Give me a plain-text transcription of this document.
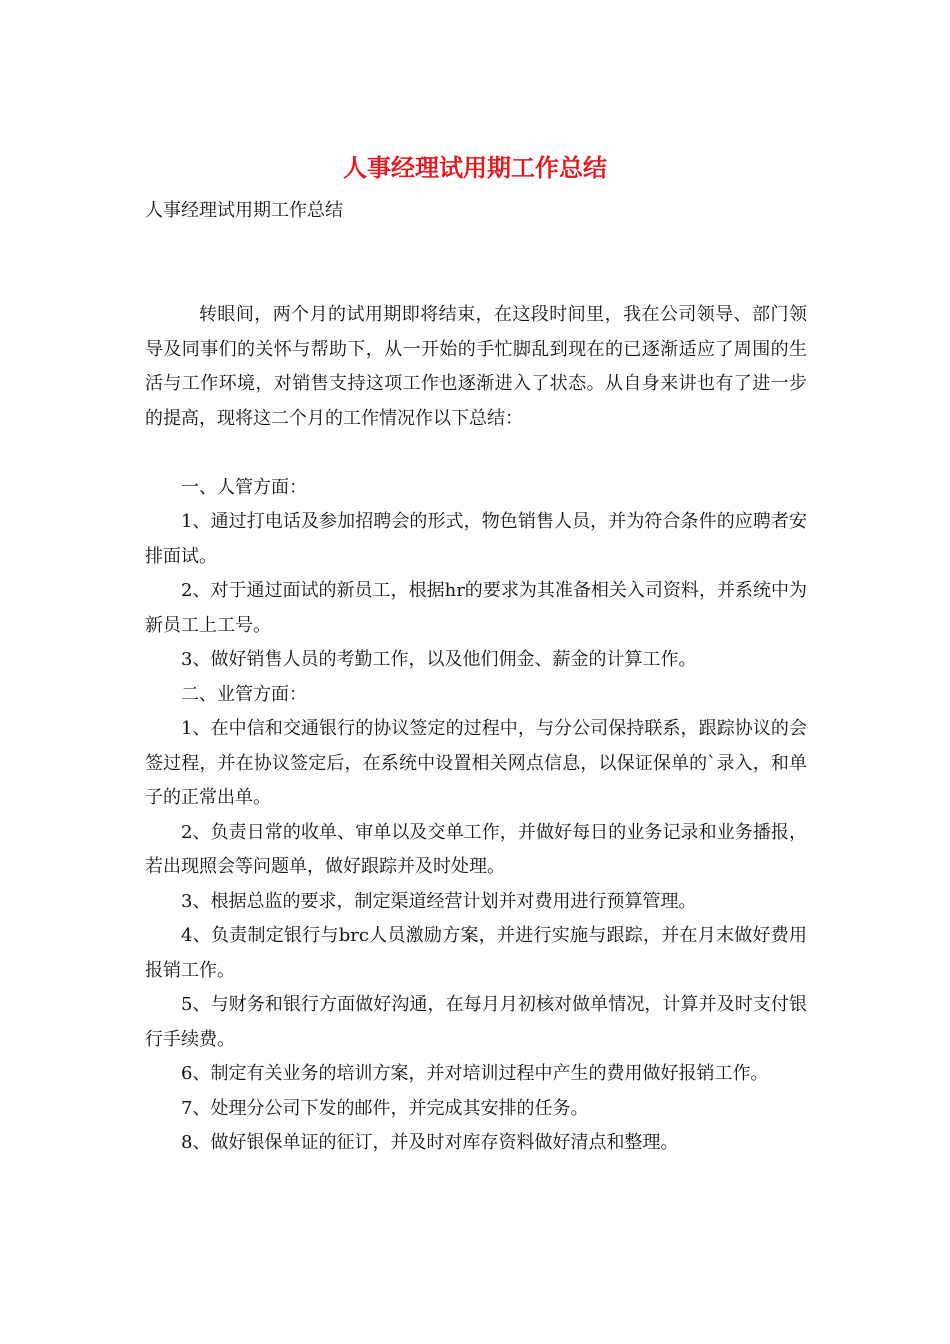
人事经理试用期工作总结

人事经理试用期工作总结

转眼间，两个月的试用期即将结束，在这段时间里，我在公司领导、部门领导及同事们的关怀与帮助下，从一开始的手忙脚乱到现在的已逐渐适应了周围的生活与工作环境，对销售支持这项工作也逐渐进入了状态。从自身来讲也有了进一步的提高，现将这二个月的工作情况作以下总结：

一、人管方面：

1、通过打电话及参加招聘会的形式，物色销售人员，并为符合条件的应聘者安排面试。

2、对于通过面试的新员工，根据hr的要求为其准备相关入司资料，并系统中为新员工上工号。

3、做好销售人员的考勤工作，以及他们佣金、薪金的计算工作。

二、业管方面：

1、在中信和交通银行的协议签定的过程中，与分公司保持联系，跟踪协议的会签过程，并在协议签定后，在系统中设置相关网点信息，以保证保单的`录入，和单子的正常出单。

2、负责日常的收单、审单以及交单工作，并做好每日的业务记录和业务播报，若出现照会等问题单，做好跟踪并及时处理。

3、根据总监的要求，制定渠道经营计划并对费用进行预算管理。

4、负责制定银行与brc人员激励方案，并进行实施与跟踪，并在月末做好费用报销工作。

5、与财务和银行方面做好沟通，在每月月初核对做单情况，计算并及时支付银行手续费。

6、制定有关业务的培训方案，并对培训过程中产生的费用做好报销工作。

7、处理分公司下发的邮件，并完成其安排的任务。

8、做好银保单证的征订，并及时对库存资料做好清点和整理。
